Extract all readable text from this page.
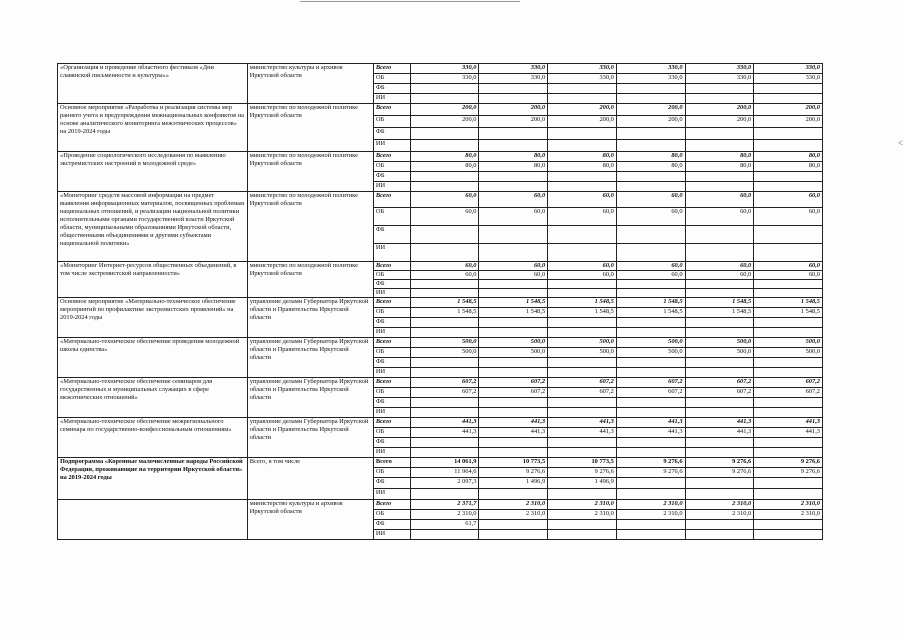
«Организация и проведение областного фестиваля «Дни славянской письменности и культуры»»	министерство культуры и архивов Иркутской области	Всего	330,0	330,0	330,0	330,0	330,0	330,0
		ОБ	330,0	330,0	330,0	330,0	330,0	330,0
		ФБ						
		ИИ						
Основное мероприятие «Разработка и реализация системы мер раннего учета и предупреждения межнациональных конфликтов на основе аналитического мониторинга межэтнических процессов» на 2019-2024 годы	министерство по молодежной политике Иркутской области	Всего	200,0	200,0	200,0	200,0	200,0	200,0
		ОБ	200,0	200,0	200,0	200,0	200,0	200,0
		ФБ						
		ИИ						
«Проведение социологического исследования по выявлению экстремистских настроений в молодежной среде»	министерство по молодежной политике Иркутской области	Всего	80,0	80,0	80,0	80,0	80,0	80,0
		ОБ	80,0	80,0	80,0	80,0	80,0	80,0
		ФБ						
		ИИ						
«Мониторинг средств массовой информации на предмет выявления информационных материалов, посвященных проблемам национальных отношений, и реализации национальной политики исполнительными органами государственной власти Иркутской области, муниципальными образованиями Иркутской области, общественными объединениями и другими субъектами национальной политики»	министерство по молодежной политике Иркутской области	Всего	60,0	60,0	60,0	60,0	60,0	60,0
		ОБ	60,0	60,0	60,0	60,0	60,0	60,0
		ФБ						
		ИИ						
«Мониторинг Интернет-ресурсов общественных объединений, в том числе экстремистской направленности»	министерство по молодежной политике Иркутской области	Всего	60,0	60,0	60,0	60,0	60,0	60,0
		ОБ	60,0	60,0	60,0	60,0	60,0	60,0
		ФБ						
		ИИ						
Основное мероприятие «Материально-техническое обеспечение мероприятий по профилактике экстремистских проявлений» на 2019-2024 годы	управление делами Губернатора Иркутской области и Правительства Иркутской области	Всего	1 548,5	1 548,5	1 548,5	1 548,5	1 548,5	1 548,5
		ОБ	1 548,5	1 548,5	1 548,5	1 548,5	1 548,5	1 548,5
		ФБ						
		ИИ						
«Материально-техническое обеспечение проведения молодежной школы единства»	управление делами Губернатора Иркутской области и Правительства Иркутской области	Всего	500,0	500,0	500,0	500,0	500,0	500,0
		ОБ	500,0	500,0	500,0	500,0	500,0	500,0
		ФБ						
		ИИ						
«Материально-техническое обеспечение семинаров для государственных и муниципальных служащих в сфере межэтнических отношений»	управление делами Губернатора Иркутской области и Правительства Иркутской области	Всего	607,2	607,2	607,2	607,2	607,2	607,2
		ОБ	607,2	607,2	607,2	607,2	607,2	607,2
		ФБ						
		ИИ						
«Материально-техническое обеспечение межрегионального семинара по государственно-конфессиональным отношениям»	управление делами Губернатора Иркутской области и Правительства Иркутской области	Всего	441,3	441,3	441,3	441,3	441,3	441,3
		ОБ	441,3	441,3	441,3	441,3	441,3	441,3
		ФБ						
		ИИ						
Подпрограмма «Коренные малочисленные народы Российской Федерации, проживающие на территории Иркутской области» на 2019-2024 годы	Всего, в том числе	Всего	14 061,9	10 773,5	10 773,5	9 276,6	9 276,6	9 276,6
		ОБ	11 964,6	9 276,6	9 276,6	9 276,6	9 276,6	9 276,6
		ФБ	2 097,3	1 496,9	1 496,9			
		ИИ						
	министерство культуры и архивов Иркутской области	Всего	2 371,7	2 310,0	2 310,0	2 310,0	2 310,0	2 310,0
		ОБ	2 310,0	2 310,0	2 310,0	2 310,0	2 310,0	2 310,0
		ФБ	61,7					
		ИИ						
<
